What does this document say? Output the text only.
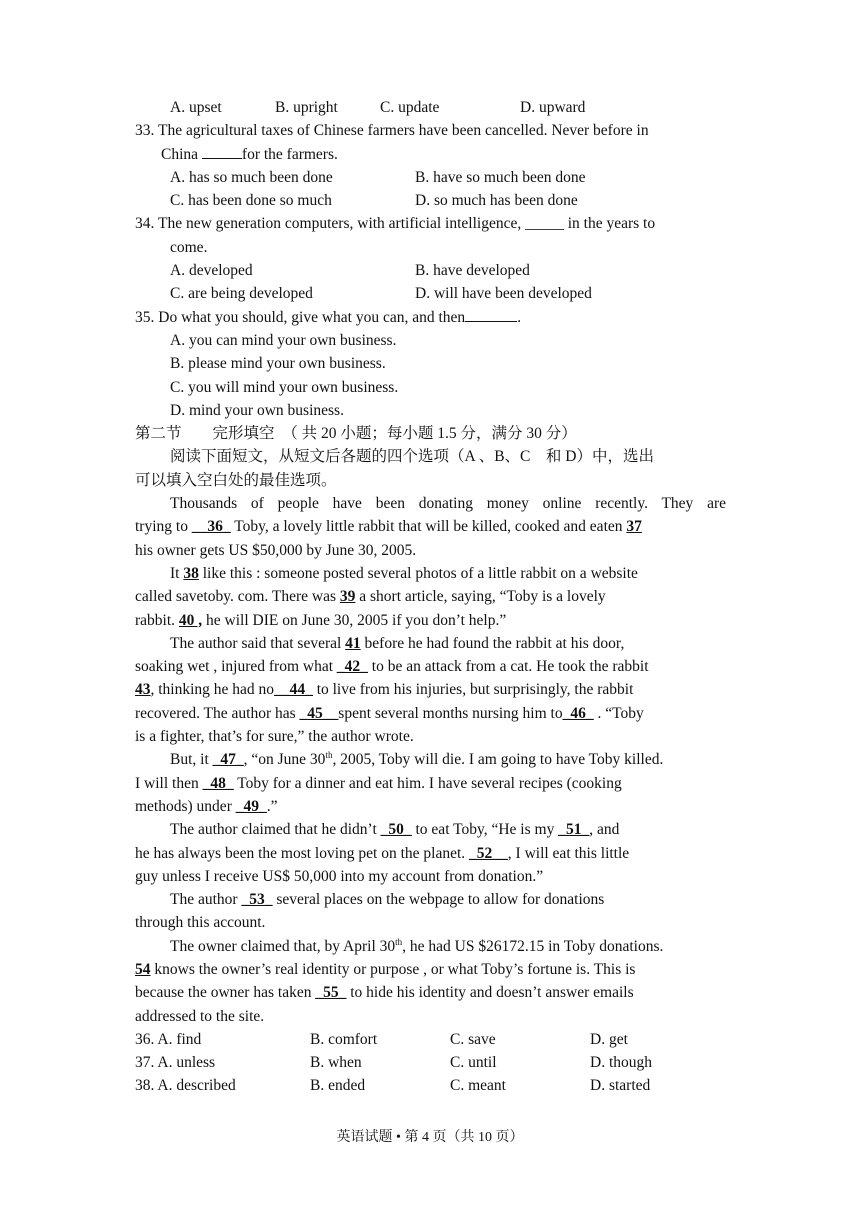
A. upset	B. upright	C. update	D. upward
33. The agricultural taxes of Chinese farmers have been cancelled. Never before in
China	for the farmers.
A. has so much been done	B. have so much been done
C. has been done so much	D. so much has been done
34. The new generation computers, with artificial intelligence, _____ in the years to
come.
A. developed	B. have developed
C. are being developed	D. will have been developed
35. Do what you should, give what you can, and then	.
A. you can mind your own business.
B. please mind your own business.
C. you will mind your own business.
D. mind your own business.
第二节　　完形填空　（ 共 20 小题；每小题 1.5 分，满分 30 分）
阅读下面短文，从短文后各题的四个选项（A 、B、C　和 D）中，选出
可以填入空白处的最佳选项。
Thousands of people have been donating money online recently. They are
trying to __36_ Toby, a lovely little rabbit that will be killed, cooked and eaten 37
his owner gets US $50,000 by June 30, 2005.
It 38 like this : someone posted several photos of a little rabbit on a website
called savetoby. com. There was 39 a short article, saying, “Toby is a lovely
rabbit. 40 , he will DIE on June 30, 2005 if you don’t help.”
The author said that several 41 before he had found the rabbit at his door,
soaking wet , injured from what _42_ to be an attack from a cat. He took the rabbit
43, thinking he had no__44_ to live from his injuries, but surprisingly, the rabbit
recovered. The author has _45__spent several months nursing him to_46_ . “Toby
is a fighter, that’s for sure,” the author wrote.
But, it _47_, “on June 30th, 2005, Toby will die. I am going to have Toby killed.
I will then _48_ Toby for a dinner and eat him. I have several recipes (cooking
methods) under _49_.”
The author claimed that he didn’t _50_ to eat Toby, “He is my _51_, and
he has always been the most loving pet on the planet. _52__, I will eat this little
guy unless I receive US$ 50,000 into my account from donation.”
The author _53_ several places on the webpage to allow for donations
through this account.
The owner claimed that, by April 30th, he had US $26172.15 in Toby donations.
54 knows the owner’s real identity or purpose , or what Toby’s fortune is. This is
because the owner has taken _55_ to hide his identity and doesn’t answer emails
addressed to the site.
36. A. find	B. comfort	C. save	D. get
37. A. unless	B. when	C. until	D. though
38. A. described	B. ended	C. meant	D. started
英语试题 • 第 4 页（共 10 页）
